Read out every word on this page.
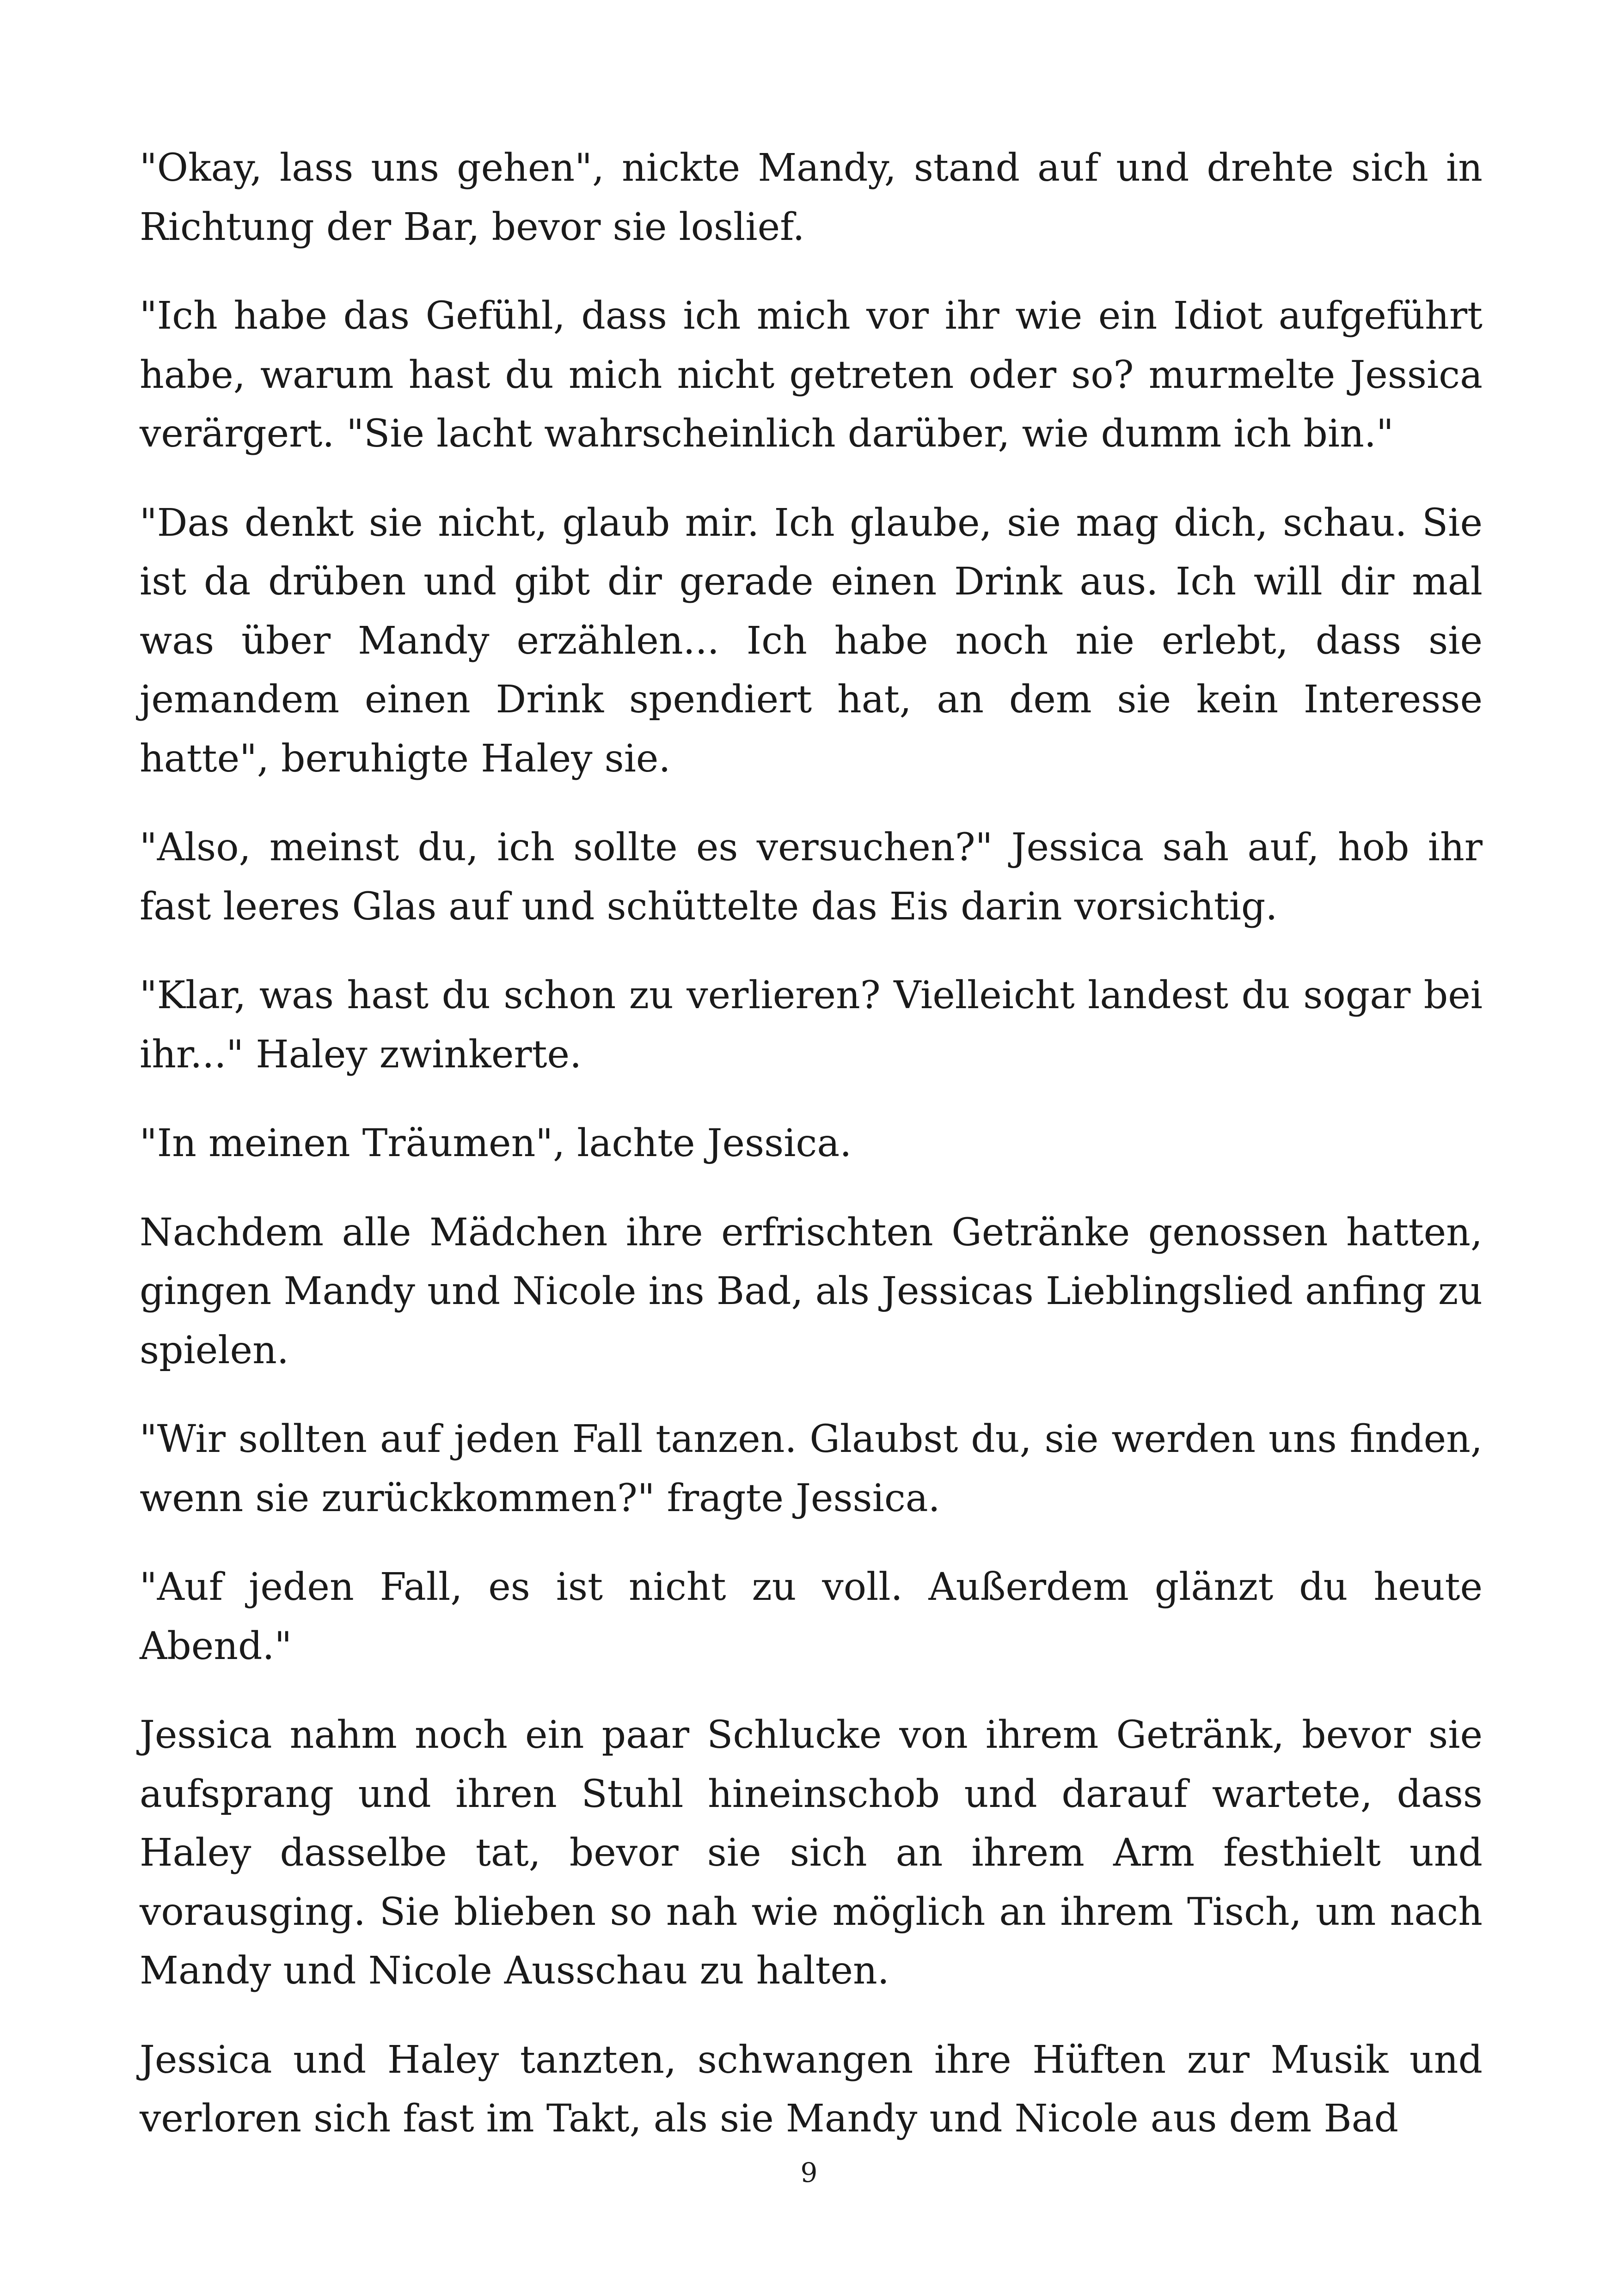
"Okay, lass uns gehen", nickte Mandy, stand auf und drehte sich in Richtung der Bar, bevor sie loslief.

"Ich habe das Gefühl, dass ich mich vor ihr wie ein Idiot aufgeführt habe, warum hast du mich nicht getreten oder so? murmelte Jessica verärgert. "Sie lacht wahrscheinlich darüber, wie dumm ich bin."

"Das denkt sie nicht, glaub mir. Ich glaube, sie mag dich, schau. Sie ist da drüben und gibt dir gerade einen Drink aus. Ich will dir mal was über Mandy erzählen... Ich habe noch nie erlebt, dass sie jemandem einen Drink spendiert hat, an dem sie kein Interesse hatte", beruhigte Haley sie.

"Also, meinst du, ich sollte es versuchen?" Jessica sah auf, hob ihr fast leeres Glas auf und schüttelte das Eis darin vorsichtig.

"Klar, was hast du schon zu verlieren? Vielleicht landest du sogar bei ihr..." Haley zwinkerte.

"In meinen Träumen", lachte Jessica.

Nachdem alle Mädchen ihre erfrischten Getränke genossen hatten, gingen Mandy und Nicole ins Bad, als Jessicas Lieblingslied anfing zu spielen.

"Wir sollten auf jeden Fall tanzen. Glaubst du, sie werden uns finden, wenn sie zurückkommen?" fragte Jessica.

"Auf jeden Fall, es ist nicht zu voll. Außerdem glänzt du heute Abend."

Jessica nahm noch ein paar Schlucke von ihrem Getränk, bevor sie aufsprang und ihren Stuhl hineinschob und darauf wartete, dass Haley dasselbe tat, bevor sie sich an ihrem Arm festhielt und vorausging. Sie blieben so nah wie möglich an ihrem Tisch, um nach Mandy und Nicole Ausschau zu halten.

Jessica und Haley tanzten, schwangen ihre Hüften zur Musik und verloren sich fast im Takt, als sie Mandy und Nicole aus dem Bad

9
